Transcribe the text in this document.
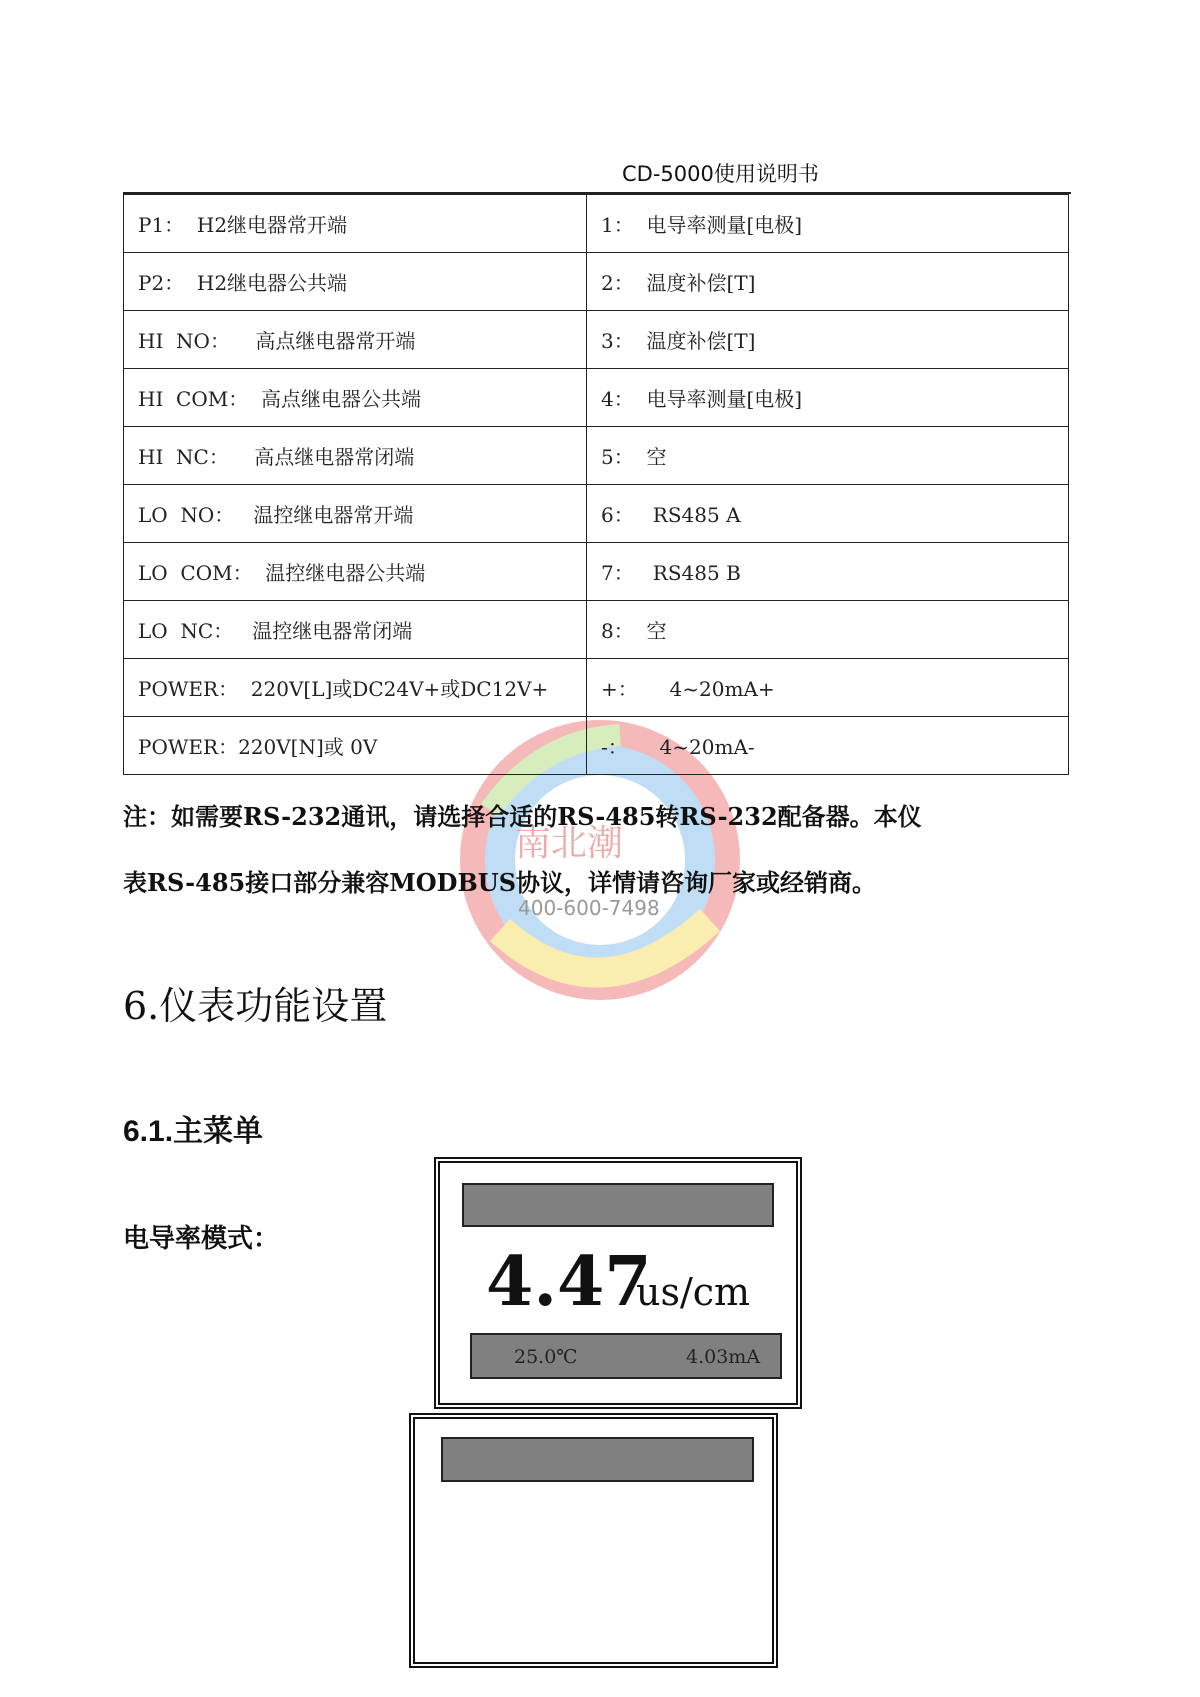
南北潮
400-600-7498
CD-5000使用说明书
P1：  H2继电器常开端	1：  电导率测量[电极]
P2：  H2继电器公共端	2：  温度补偿[T]
HI  NO：    高点继电器常开端	3：  温度补偿[T]
HI  COM：  高点继电器公共端	4：  电导率测量[电极]
HI  NC：    高点继电器常闭端	5：  空
LO  NO：   温控继电器常开端	6：   RS485 A
LO  COM：  温控继电器公共端	7：   RS485 B
LO  NC：   温控继电器常闭端	8：  空
POWER：  220V[L]或DC24V+或DC12V+	+：     4~20mA+
POWER：220V[N]或 0V	-：     4~20mA-
注：如需要RS-232通讯，请选择合适的RS-485转RS-232配备器。本仪
表RS-485接口部分兼容MODBUS协议，详情请咨询厂家或经销商。
6.仪表功能设置
6.1.主菜单
电导率模式：
4.47
us/cm
25.0℃	4.03mA
